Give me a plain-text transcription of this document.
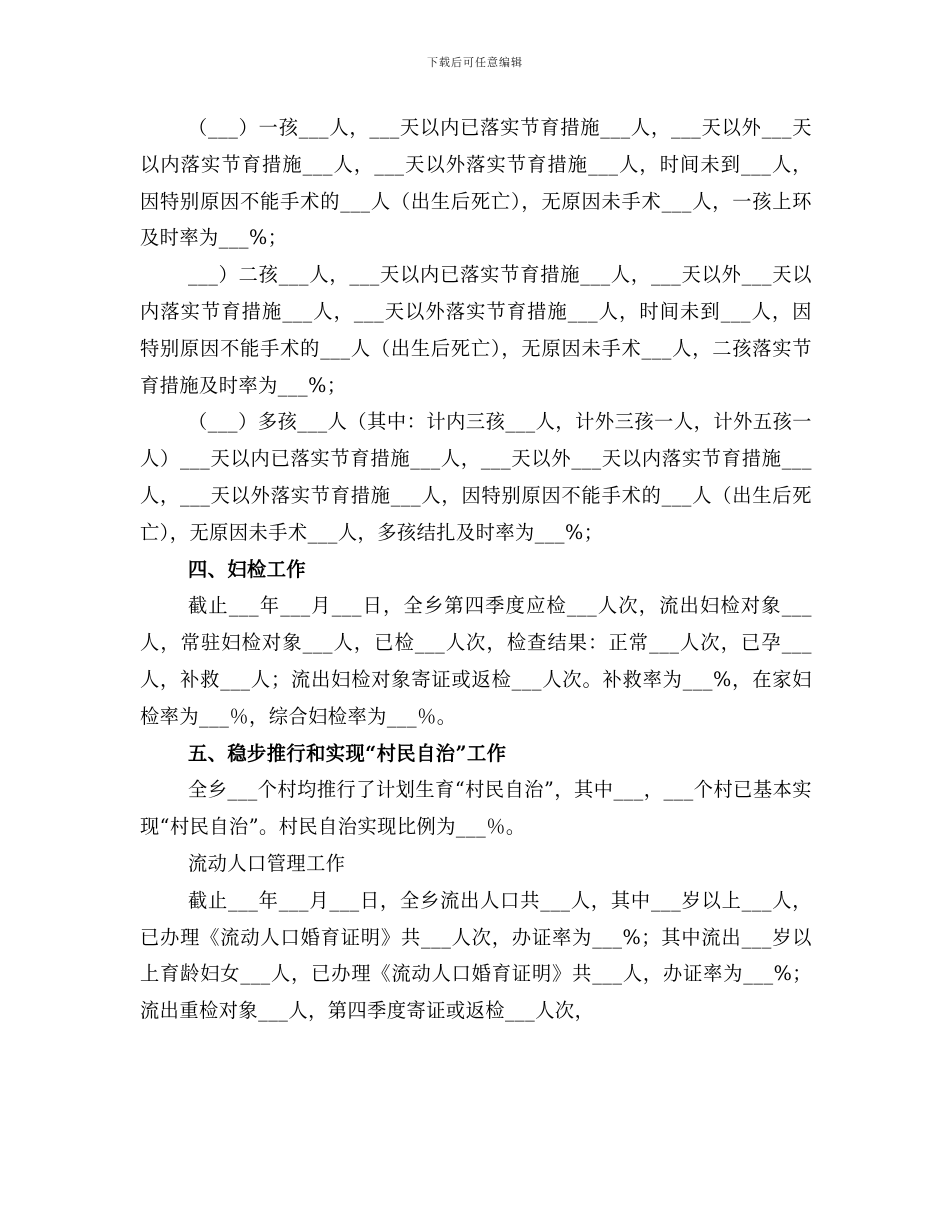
下载后可任意编辑

（___）一孩___人，___天以内已落实节育措施___人，___天以外___天以内落实节育措施___人，___天以外落实节育措施___人，时间未到___人，因特别原因不能手术的___人（出生后死亡），无原因未手术___人，一孩上环及时率为___%；

___）二孩___人，___天以内已落实节育措施___人，___天以外___天以内落实节育措施___人，___天以外落实节育措施___人，时间未到___人，因特别原因不能手术的___人（出生后死亡），无原因未手术___人，二孩落实节育措施及时率为___%；

（___）多孩___人（其中：计内三孩___人，计外三孩一人，计外五孩一人）___天以内已落实节育措施___人，___天以外___天以内落实节育措施___人，___天以外落实节育措施___人，因特别原因不能手术的___人（出生后死亡），无原因未手术___人，多孩结扎及时率为___%；

四、妇检工作

截止___年___月___日，全乡第四季度应检___人次，流出妇检对象___人，常驻妇检对象___人，已检___人次，检查结果：正常___人次，已孕___人，补救___人；流出妇检对象寄证或返检___人次。补救率为___%，在家妇检率为___％，综合妇检率为___％。

五、稳步推行和实现“村民自治”工作

全乡___个村均推行了计划生育“村民自治”，其中___，___个村已基本实现“村民自治”。村民自治实现比例为___％。

流动人口管理工作

截止___年___月___日，全乡流出人口共___人，其中___岁以上___人，已办理《流动人口婚育证明》共___人次，办证率为___%；其中流出___岁以上育龄妇女___人，已办理《流动人口婚育证明》共___人，办证率为___%；流出重检对象___人，第四季度寄证或返检___人次，
